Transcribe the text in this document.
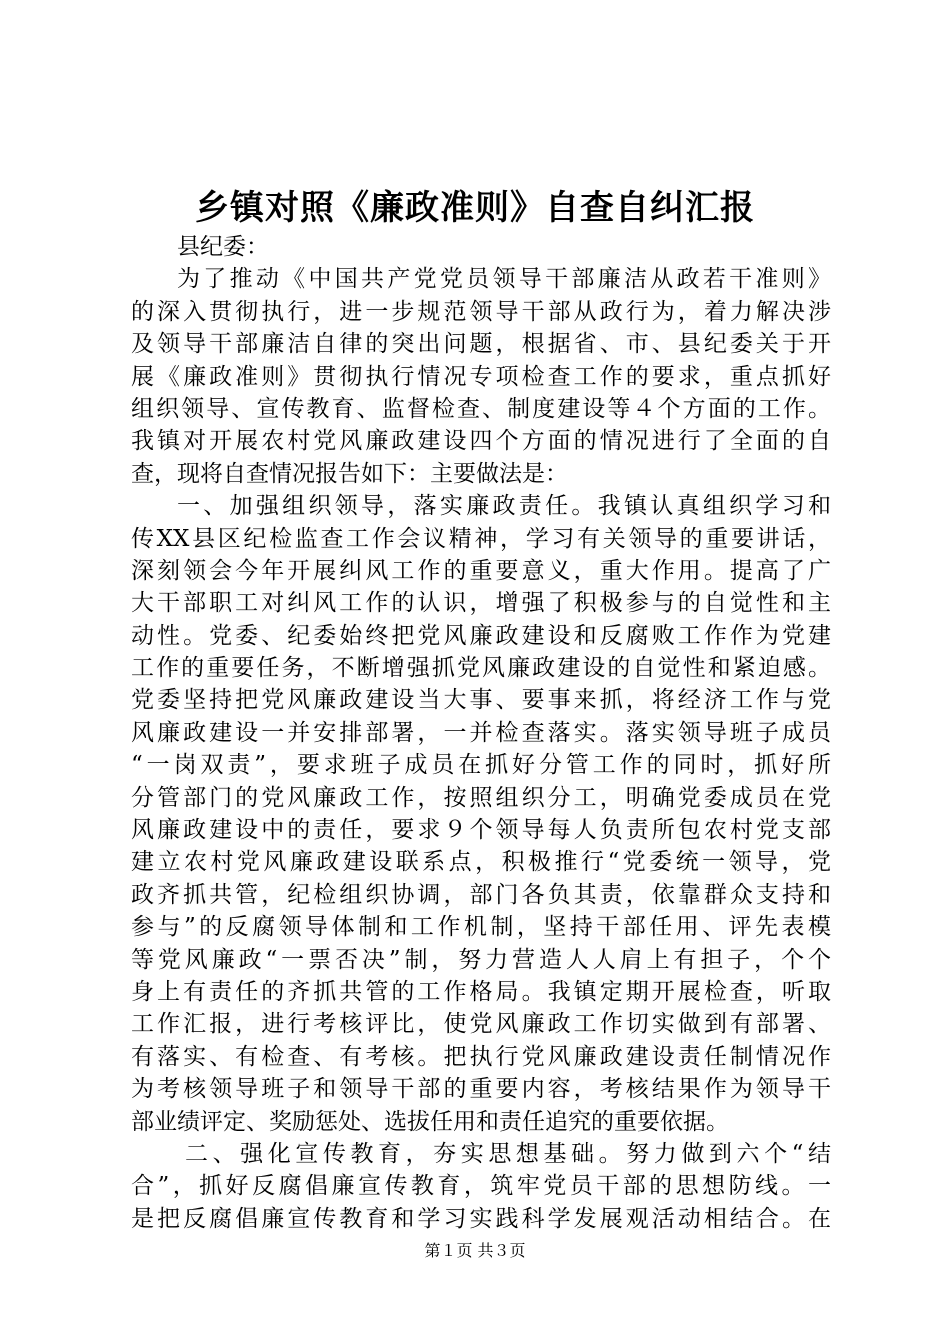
乡镇对照《廉政准则》自查自纠汇报
县纪委：
为了推动《中国共产党党员领导干部廉洁从政若干准则》
的深入贯彻执行，进一步规范领导干部从政行为，着力解决涉
及领导干部廉洁自律的突出问题，根据省、市、县纪委关于开
展《廉政准则》贯彻执行情况专项检查工作的要求，重点抓好
组织领导、宣传教育、监督检查、制度建设等４个方面的工作。
我镇对开展农村党风廉政建设四个方面的情况进行了全面的自
查，现将自查情况报告如下：主要做法是：
一、加强组织领导，落实廉政责任。我镇认真组织学习和
传XX县区纪检监查工作会议精神，学习有关领导的重要讲话，
深刻领会今年开展纠风工作的重要意义，重大作用。提高了广
大干部职工对纠风工作的认识，增强了积极参与的自觉性和主
动性。党委、纪委始终把党风廉政建设和反腐败工作作为党建
工作的重要任务，不断增强抓党风廉政建设的自觉性和紧迫感。
党委坚持把党风廉政建设当大事、要事来抓，将经济工作与党
风廉政建设一并安排部署，一并检查落实。落实领导班子成员
“一岗双责”，要求班子成员在抓好分管工作的同时，抓好所
分管部门的党风廉政工作，按照组织分工，明确党委成员在党
风廉政建设中的责任，要求９个领导每人负责所包农村党支部
建立农村党风廉政建设联系点，积极推行“党委统一领导，党
政齐抓共管，纪检组织协调，部门各负其责，依靠群众支持和
参与”的反腐领导体制和工作机制，坚持干部任用、评先表模
等党风廉政“一票否决”制，努力营造人人肩上有担子，个个
身上有责任的齐抓共管的工作格局。我镇定期开展检查，听取
工作汇报，进行考核评比，使党风廉政工作切实做到有部署、
有落实、有检查、有考核。把执行党风廉政建设责任制情况作
为考核领导班子和领导干部的重要内容，考核结果作为领导干
部业绩评定、奖励惩处、选拔任用和责任追究的重要依据。
二、强化宣传教育，夯实思想基础。努力做到六个“结
合”，抓好反腐倡廉宣传教育，筑牢党员干部的思想防线。一
是把反腐倡廉宣传教育和学习实践科学发展观活动相结合。在
第１页 共３页
